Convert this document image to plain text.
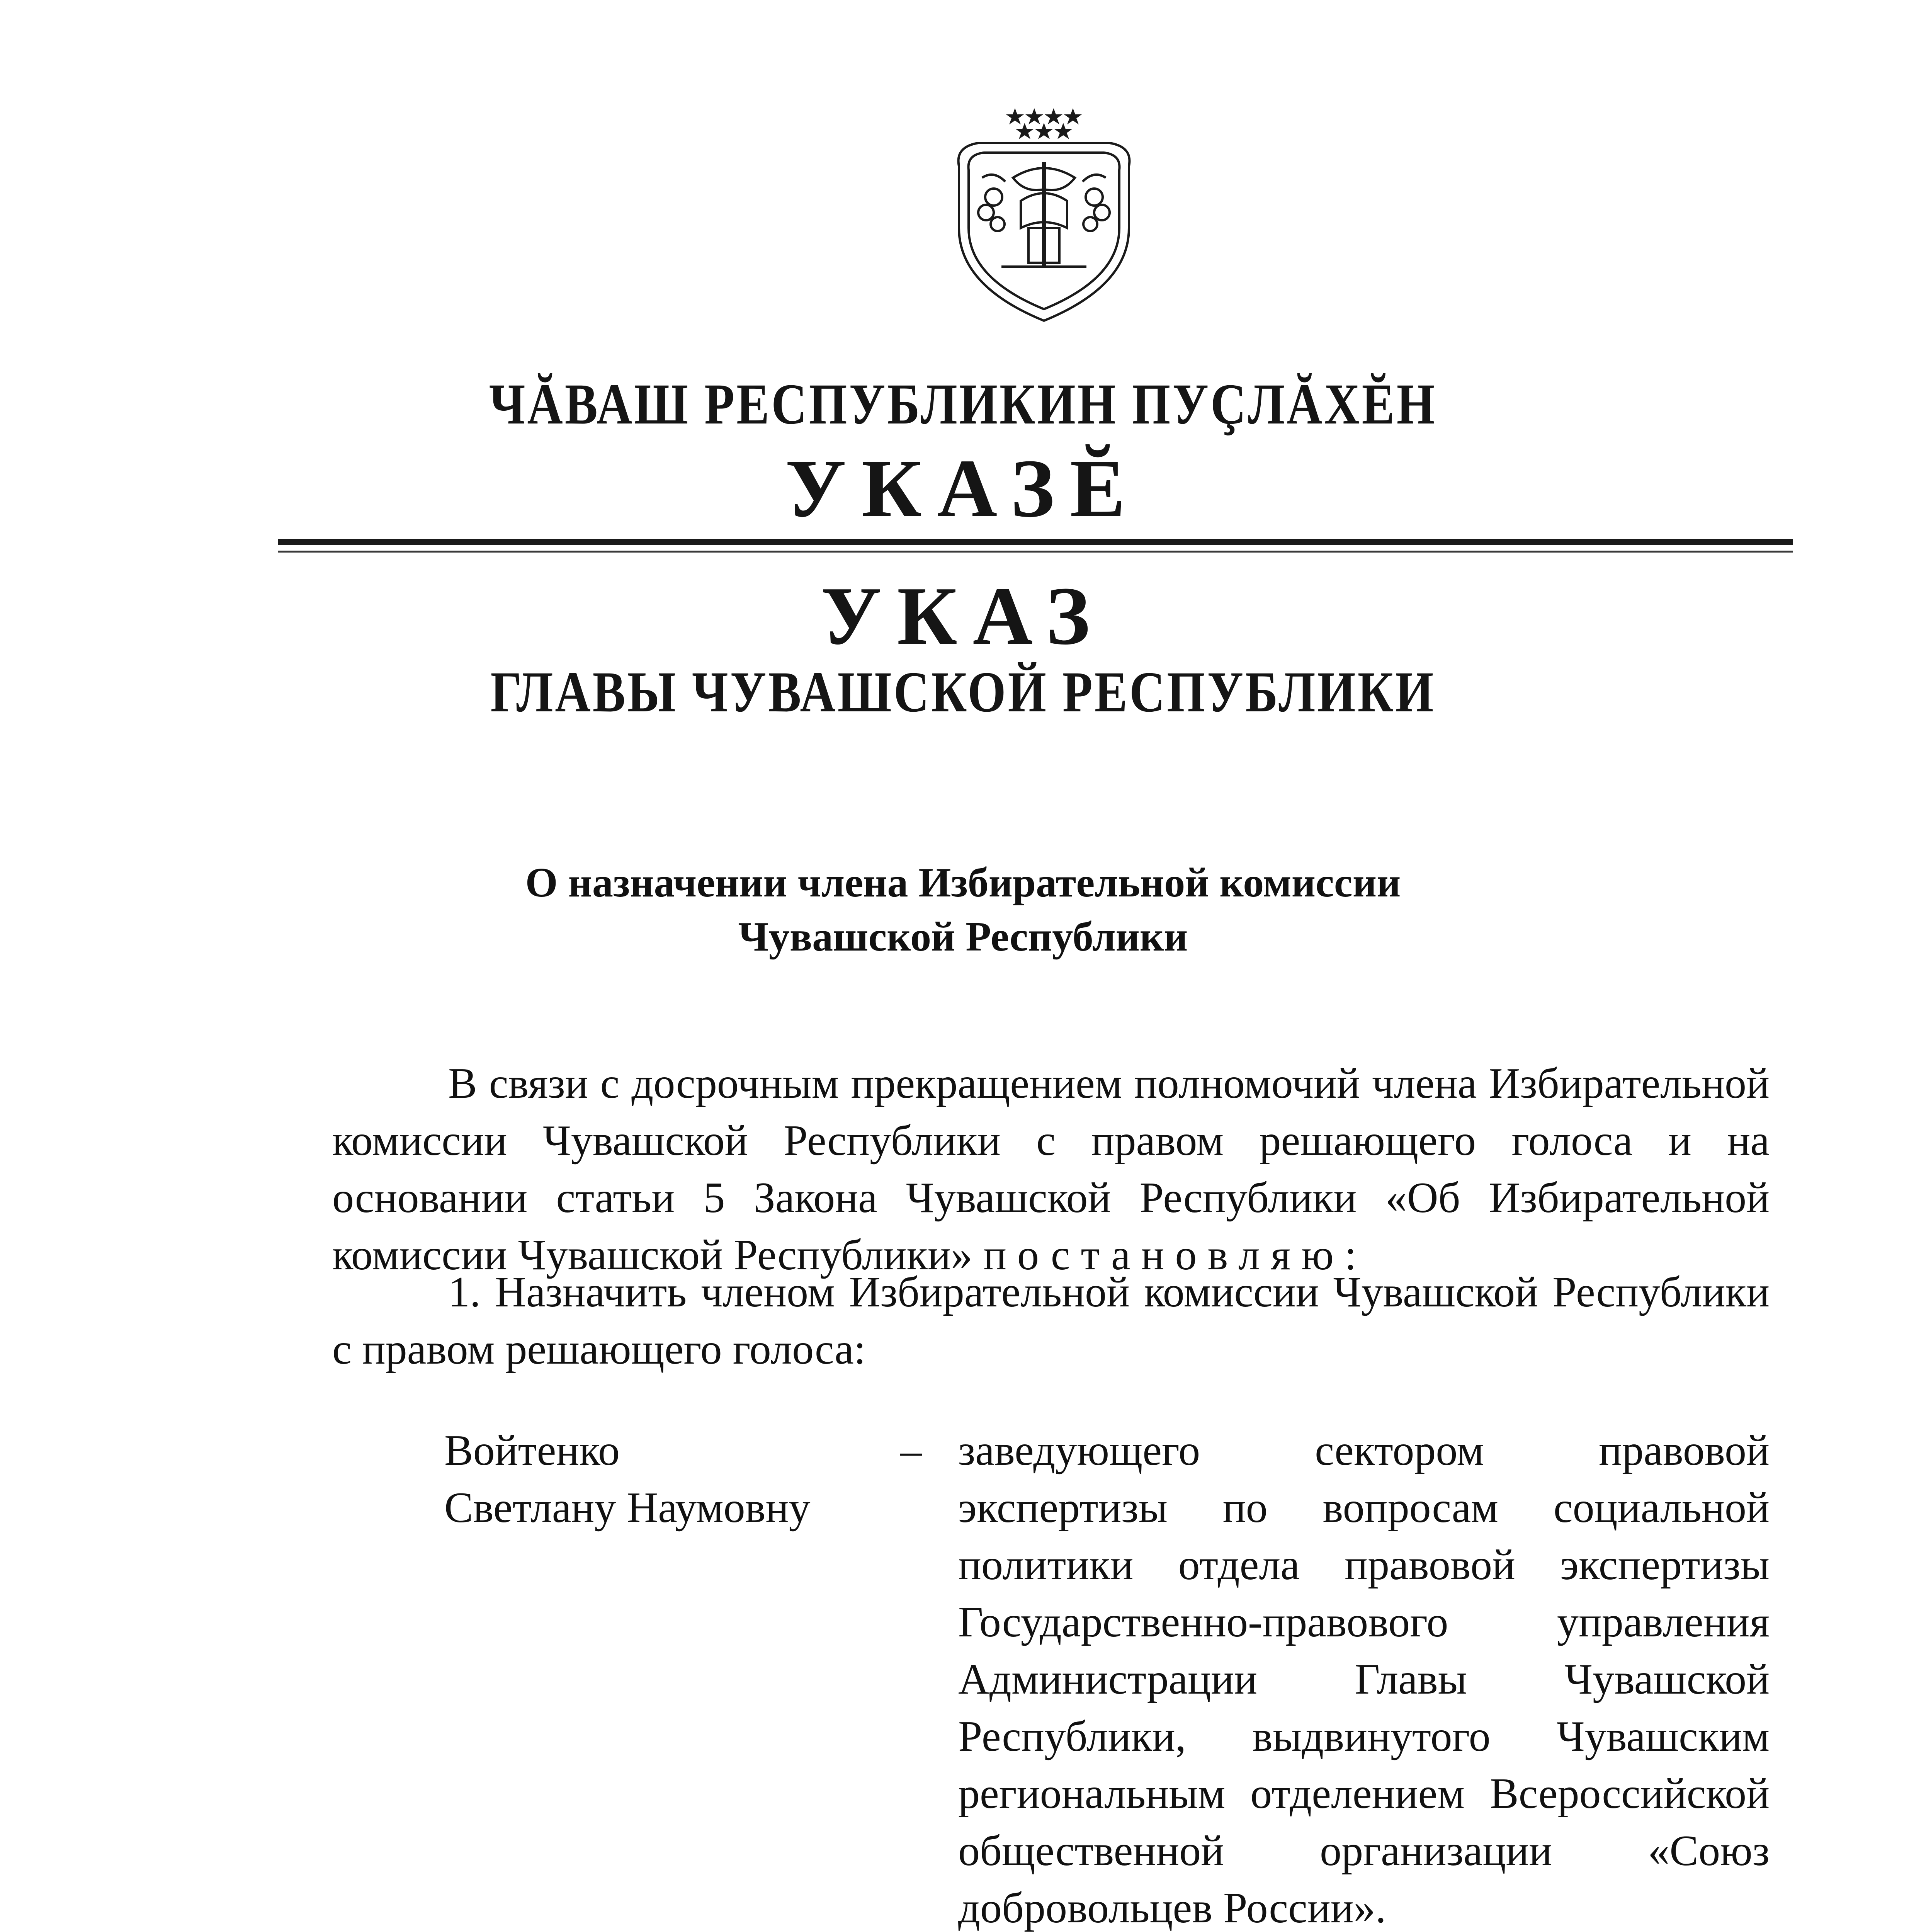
ЧĂВАШ РЕСПУБЛИКИН ПУÇЛĂХĔН
УКАЗĔ
УКАЗ
ГЛАВЫ ЧУВАШСКОЙ РЕСПУБЛИКИ
О назначении члена Избирательной комиссии
Чувашской Республики
В связи с досрочным прекращением полномочий члена Избирательной комиссии Чувашской Республики с правом решающего голоса и на основании статьи 5 Закона Чувашской Республики «Об Избирательной комиссии Чувашской Республики» постановляю:
1. Назначить членом Избирательной комиссии Чувашской Республики с правом решающего голоса:
Войтенко
Светлану Наумовну
– заведующего сектором правовой экспертизы по вопросам социальной политики отдела правовой экспертизы Государственно-правового управления Администрации Главы Чувашской Республики, выдвинутого Чувашским региональным отделением Всероссийской общественной организации «Союз добровольцев России».
